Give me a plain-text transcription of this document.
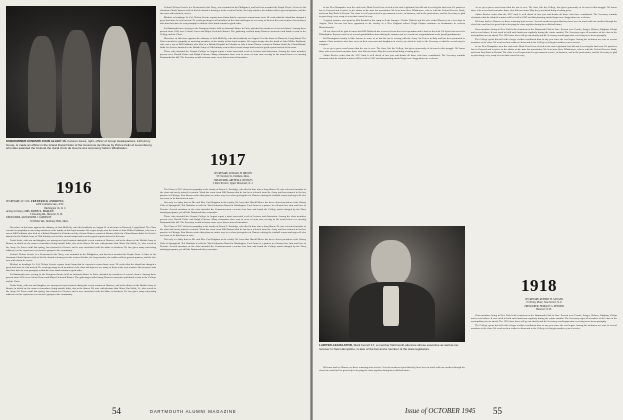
SUBMARINER HOWARD JOHN ALLEN '16. Colonel Jones, right, officer of Group Headquarters, 12th Army Group, is made an officer in the Grand Ducal Order of the Couronne de Chene by Prince Felix of Luxembourg who also awarded the Colonel the ducal Croix de Guerre at a ceremony held in Wiesbaden.
1916
SECRETARY, LT. COL. FREDERICK ANDREWS
4200 Cathedral Ave., N.W.
Washington 16, D. C.
Acting Secretary, MRS. JOHN S. BAILEY
3 Downing Rd., Hanover, N. H.
TREASURER, ALEXANDER J. JAMIESON
50 Wilbur Rd., Wellesley Hills, Mass.

Elsewhere in this issue appears the obituary of Jack McKelly, who died suddenly on August 21 at his home in Hancock, Long Island. The Class extends its sympathy to surviving members of the family of this loyal member. We regret deeply also the death of John Wilder Parkhurst, who was a son of Bill Parkhurst who died of a British Hospital in Calcutta on July 4 from Chinese contact at Burma which the China-Burma-India Air Service attached to the British Army of 25th Infantry sent to their eternal camps and ceaseless good reports arrived of his tours.

Frank Jenks, with son and daughter, are among our loyal contacts during the recent reunion at Hanover, and at the dinner of the British Army of Burma, in which are the names of members living outside India, also at the dinner. We note with pleasure that Albert Van Sickle, Jr., who served in the Army Air Forces until last spring, has returned to Glencoe and is now associated with his father in business. He has given many interesting addresses on his experiences overseas to groups in the community.

Colonel Nelson Gowrie is a Lieutenant in the Navy, was wounded in the Philippines, and has been awarded the Purple Heart. A letter to his classmate Chuck Spencer tells of his life aboard a destroyer in the western Pacific, the long watches, the sudden calls to general quarters, and the fine men with whom he serves.

Michael as headings. Lt. Col. Nelson Gowrie reports from Guam that he expects to return home soon. He writes that the island has changed a great deal since he first arrived. He sends greetings to all members of the class and hopes to see many of them at the next reunion. Our treasurer asks that class dues be sent promptly so that the class funds remain in good order.

Ex-Dartmouth men serving in the European theater held an informal dinner in Paris, attended by members of several classes. Among those present from 1916 were Colonel Jones and Major Frederick Barnes. The gathering recalled many Hanover memories and drank a toast to the College and the Class.

Frank Jenks, with son and daughter, are among our loyal contacts during the recent reunion at Hanover, and at the dinner of the British Army of Burma, in which are the names of members living outside India, also at the dinner. We note with pleasure that Albert Van Sickle, Jr., who served in the Army Air Forces until last spring, has returned to Glencoe and is now associated with his father in business. He has given many interesting addresses on his experiences overseas to groups in the community.

Colonel Nelson Gowrie is a Lieutenant in the Navy, was wounded in the Philippines, and has been awarded the Purple Heart. A letter to his classmate Chuck Spencer tells of his life aboard a destroyer in the western Pacific, the long watches, the sudden calls to general quarters, and the fine men with whom he serves.

Michael as headings. Lt. Col. Nelson Gowrie reports from Guam that he expects to return home soon. He writes that the island has changed a great deal since he first arrived. He sends greetings to all members of the class and hopes to see many of them at the next reunion. Our treasurer asks that class dues be sent promptly so that the class funds remain in good order.

Ex-Dartmouth men serving in the European theater held an informal dinner in Paris, attended by members of several classes. Among those present from 1916 were Colonel Jones and Major Frederick Barnes. The gathering recalled many Hanover memories and drank a toast to the College and the Class.

Elsewhere in this issue appears the obituary of Jack McKelly, who died suddenly on August 21 at his home in Hancock, Long Island. The Class extends its sympathy to surviving members of the family of this loyal member. We regret deeply also the death of John Wilder Parkhurst, who was a son of Bill Parkhurst who died of a British Hospital in Calcutta on July 4 from Chinese contact at Burma which the China-Burma-India Air Service attached to the British Army of 25th Infantry sent to their eternal camps and ceaseless good reports arrived of his tours.

Those who attended the Alumni College in August report a most successful week of lectures and discussion. Among the class members present were Harold Fisher and Ralph Peterson. Many classmates have sent in news of sons now serving in the armed forces or entering Dartmouth this fall. The Secretary would welcome more news letters from all members.

1917
SECRETARY, DONALD H. BROWN
53 Chestnut St., Dedham, Mass.
TREASURER, ARTHUR A. BOWLES
3 Park Terrace, Upper Montclair, N. J.

The Class of 1917 offers its sympathy to the family of Ernest L. Partridge, who died in June after a long illness. He was a devoted member of the class and rarely missed a reunion. Word has come from Bill Duncan that he has been released from the Army and has returned to his law practice in Chicago. Don Brown writes that plans are under way for a class get-together in Hanover during the football season and urges all who can come to let him know at once.

Not only is a baby born to Mr. and Mrs. Carl Brigham in the family. We learn that Harold Moore has been elected president of the Rotary Club of Springfield. Ted Hutchins is with the War Production Board in Washington. Fred Grant is a partner in a Boston law firm and lives in Newton. Several members of the class attended the Commencement exercises last June and found the College much changed by the Navy training programs, yet still the Dartmouth they remember.

Those who attended the Alumni College in August report a most successful week of lectures and discussion. Among the class members present were Harold Fisher and Ralph Peterson. Many classmates have sent in news of sons now serving in the armed forces or entering Dartmouth this fall. The Secretary would welcome more news letters from all members.

The Class of 1917 offers its sympathy to the family of Ernest L. Partridge, who died in June after a long illness. He was a devoted member of the class and rarely missed a reunion. Word has come from Bill Duncan that he has been released from the Army and has returned to his law practice in Chicago. Don Brown writes that plans are under way for a class get-together in Hanover during the football season and urges all who can come to let him know at once.

Not only is a baby born to Mr. and Mrs. Carl Brigham in the family. We learn that Harold Moore has been elected president of the Rotary Club of Springfield. Ted Hutchins is with the War Production Board in Washington. Fred Grant is a partner in a Boston law firm and lives in Newton. Several members of the class attended the Commencement exercises last June and found the College much changed by the Navy training programs, yet still the Dartmouth they remember.

54	DARTMOUTH ALUMNI MAGAZINE

of our New Hampshire men live and work. Mark Ferrell was elected to the state legislature last fall and is serving his first term. He practices law in Concord and is active in the affairs of the state bar association. We hear from Stew Whittemore, who is with the Federal Reserve Bank, and from Ray Buck in Detroit. The class is well represented in government service, in business, and in the professions, and the Secretary is glad to pass along every scrap of news that comes his way.

A typical summer was spent by Bob Kendall at his camp on Lake Sunapee. Charlie Nichols and his wife visited Hanover for a few days in August. Nick Stevens has been appointed to the faculty of a New England school. Hugh Chapin continues as headmaster in western Massachusetts.

All our class will be glad to know that Bill Holbrook has recovered from his recent operation and is back at his desk. Ed Lyons has moved to Philadelphia. Reports reach us of several grandchildren born during the summer and we extend our congratulations to the proud grandparents.

Sid Harrington's family is little known to some of us but his son is serving with the Army Air Forces in Italy and has been promoted to captain. Class members who have news of their own sons and daughters in service are asked to write to the Secretary so that the record may be complete.

As we go to press word comes that the war is over. The class, like the College, has given generously of its sons in this struggle. We honor those who served and remember those who did not return. May the years ahead bring a lasting peace.

Arthur Bowles writes that the 1917 fund is well ahead of last year and thanks all those who have contributed. The Secretary reminds classmates that the thirtieth reunion will be held in 1947 and that planning should begin now. Suggestions are welcome.

LAWYER-LEGISLATOR, Mark Ferrell '17, a member Dartmouth alumnus whose executive as well as tax receiver in New Hampshire, is also of the bar and a member of the state legislature.

Welcome back to Hanover to those returning from service. Several members report that they have been in touch with one another through the class letter and find it a great help in keeping the class together during these difficult times.

As we go to press word comes that the war is over. The class, like the College, has given generously of its sons in this struggle. We honor those who served and remember those who did not return. May the years ahead bring a lasting peace.

Arthur Bowles writes that the 1917 fund is well ahead of last year and thanks all those who have contributed. The Secretary reminds classmates that the thirtieth reunion will be held in 1947 and that planning should begin now. Suggestions are welcome.

Welcome back to Hanover to those returning from service. Several members report that they have been in touch with one another through the class letter and find it a great help in keeping the class together during these difficult times.

Class members living in New York held a luncheon at the Dartmouth Club in June. Present were Pender, Sanger, Holmes, Brigham, Phelps and several others. It was voted to hold such luncheons regularly during the winter months. The Secretary urges all members of the class in the metropolitan area to attend. The 1918 class letter will go out shortly and the Secretary would appreciate receiving news items promptly.

The College opens this fall with a larger civilian enrollment than in any year since the war began. Among the freshmen are sons of several members of the class. We send our best wishes to them and to the College as it begins another year of service.

of our New Hampshire men live and work. Mark Ferrell was elected to the state legislature last fall and is serving his first term. He practices law in Concord and is active in the affairs of the state bar association. We hear from Stew Whittemore, who is with the Federal Reserve Bank, and from Ray Buck in Detroit. The class is well represented in government service, in business, and in the professions, and the Secretary is glad to pass along every scrap of news that comes his way.

1918
SECRETARY, ROBERT H. SANGER
73 Trinity Place, New York 6, N. Y.
TREASURER, HORACE G. PENDER
Hanover, N. H.

Class members living in New York held a luncheon at the Dartmouth Club in June. Present were Pender, Sanger, Holmes, Brigham, Phelps and several others. It was voted to hold such luncheons regularly during the winter months. The Secretary urges all members of the class in the metropolitan area to attend. The 1918 class letter will go out shortly and the Secretary would appreciate receiving news items promptly.

The College opens this fall with a larger civilian enrollment than in any year since the war began. Among the freshmen are sons of several members of the class. We send our best wishes to them and to the College as it begins another year of service.

Issue of OCTOBER 1945 55
